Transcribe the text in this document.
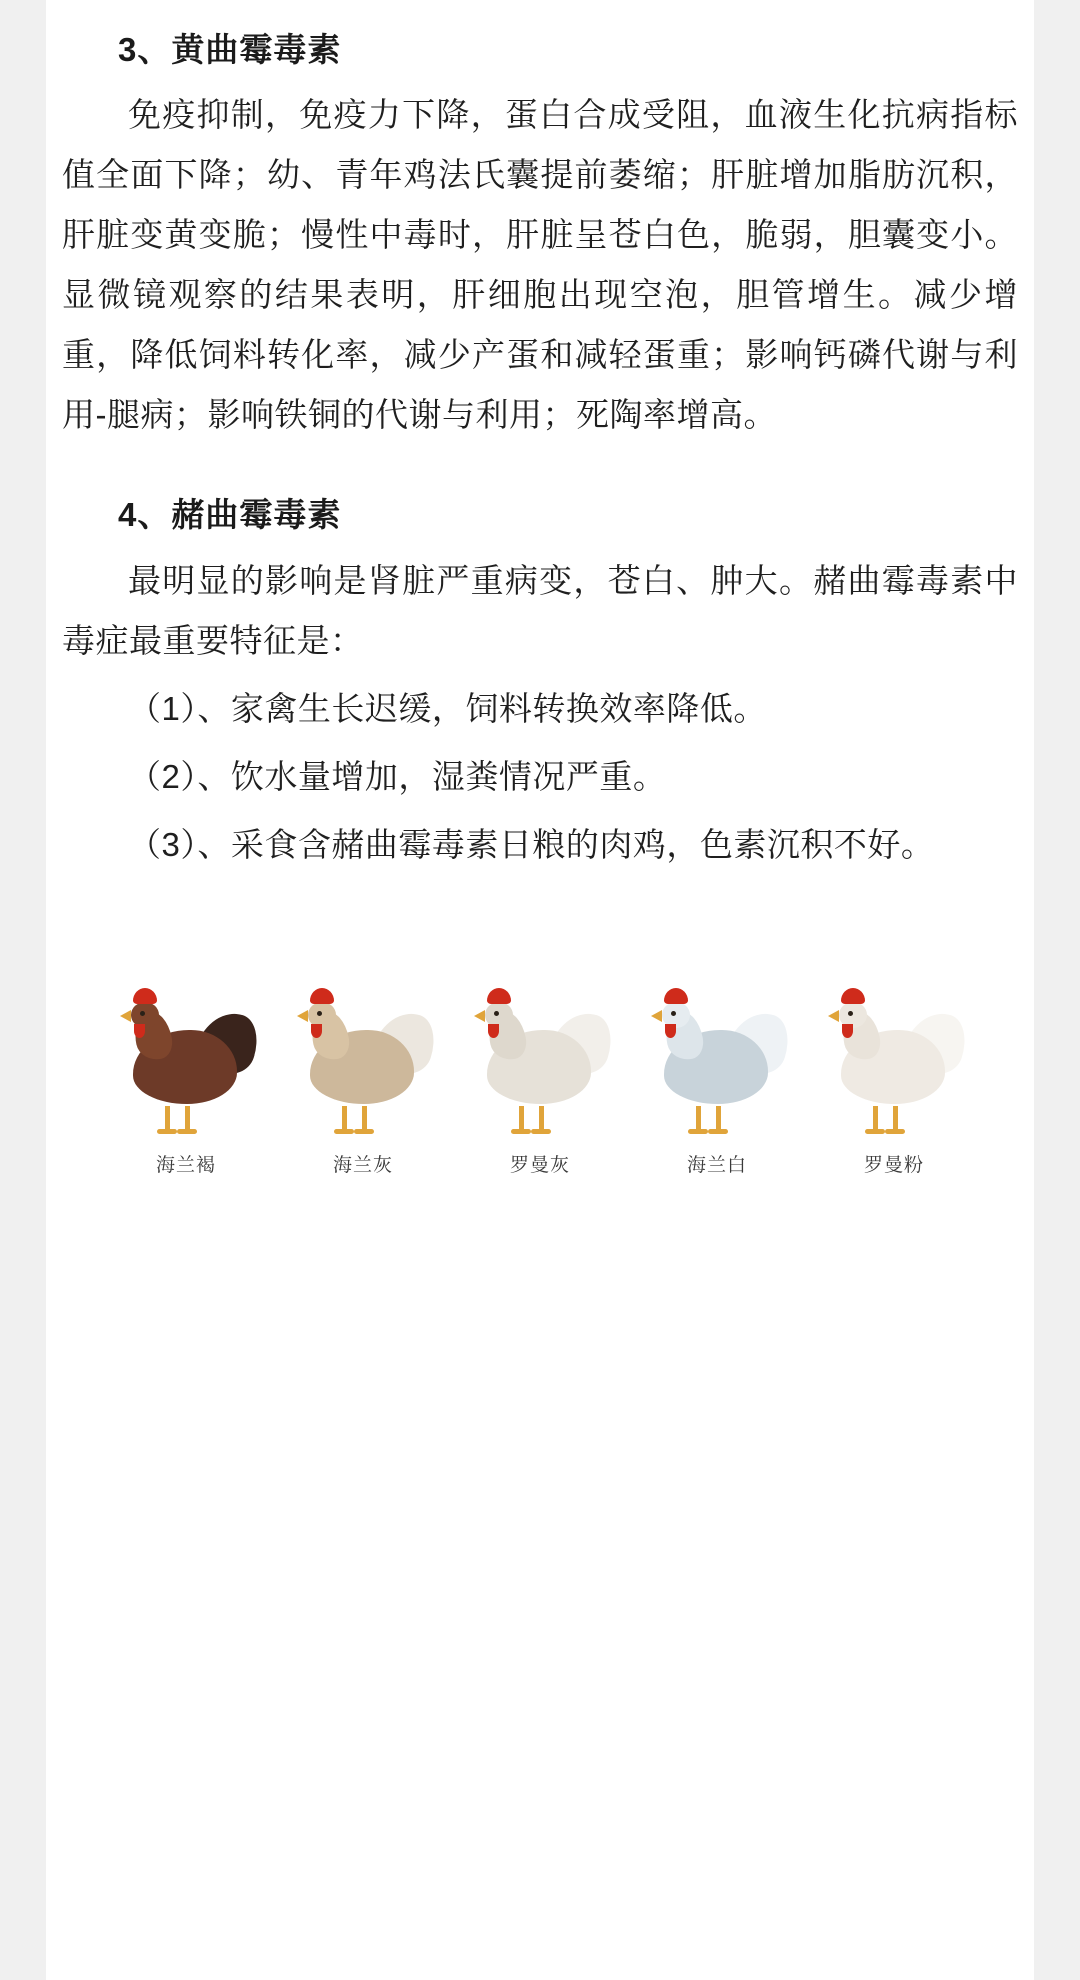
3、黄曲霉毒素

免疫抑制，免疫力下降，蛋白合成受阻，血液生化抗病指标值全面下降；幼、青年鸡法氏囊提前萎缩；肝脏增加脂肪沉积，肝脏变黄变脆；慢性中毒时，肝脏呈苍白色，脆弱，胆囊变小。显微镜观察的结果表明，肝细胞出现空泡，胆管增生。减少增重，降低饲料转化率，减少产蛋和减轻蛋重；影响钙磷代谢与利用-腿病；影响铁铜的代谢与利用；死陶率增高。

4、赭曲霉毒素

最明显的影响是肾脏严重病变，苍白、肿大。赭曲霉毒素中毒症最重要特征是：

（1）、家禽生长迟缓，饲料转换效率降低。

（2）、饮水量增加，湿粪情况严重。

（3）、采食含赭曲霉毒素日粮的肉鸡，色素沉积不好。

海兰褐	海兰灰	罗曼灰	海兰白	罗曼粉
